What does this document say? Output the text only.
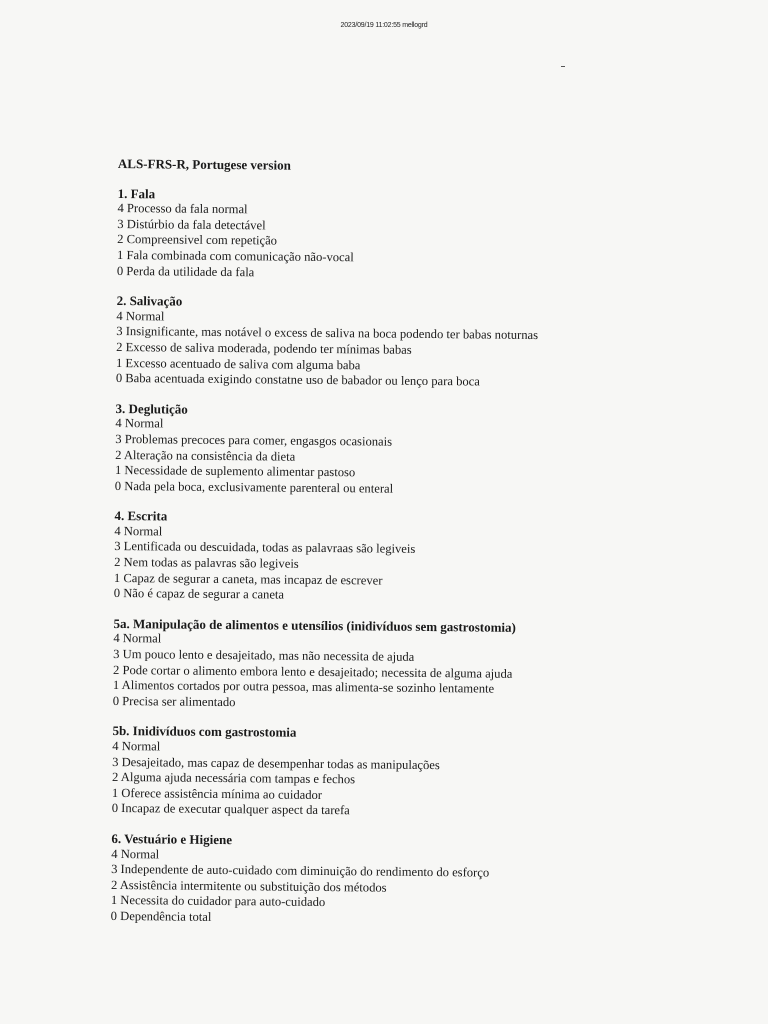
2023/09/19 11:02:55 mellogrd
ALS-FRS-R, Portugese version
1. Fala
4 Processo da fala normal
3 Distúrbio da fala detectável
2 Compreensivel com repetição
1 Fala combinada com comunicação não-vocal
0 Perda da utilidade da fala
2. Salivação
4 Normal
3 Insignificante, mas notável o excess de saliva na boca podendo ter babas noturnas
2 Excesso de saliva moderada, podendo ter mínimas babas
1 Excesso acentuado de saliva com alguma baba
0 Baba acentuada exigindo constatne uso de babador ou lenço para boca
3. Deglutição
4 Normal
3 Problemas precoces para comer, engasgos ocasionais
2 Alteração na consistência da dieta
1 Necessidade de suplemento alimentar pastoso
0 Nada pela boca, exclusivamente parenteral ou enteral
4. Escrita
4 Normal
3 Lentificada ou descuidada, todas as palavraas são legiveis
2 Nem todas as palavras são legiveis
1 Capaz de segurar a caneta, mas incapaz de escrever
0 Não é capaz de segurar a caneta
5a. Manipulação de alimentos e utensílios (inidivíduos sem gastrostomia)
4 Normal
3 Um pouco lento e desajeitado, mas não necessita de ajuda
2 Pode cortar o alimento embora lento e desajeitado; necessita de alguma ajuda
1 Alimentos cortados por outra pessoa, mas alimenta-se sozinho lentamente
0 Precisa ser alimentado
5b. Inidivíduos com gastrostomia
4 Normal
3 Desajeitado, mas capaz de desempenhar todas as manipulações
2 Alguma ajuda necessária com tampas e fechos
1 Oferece assistência mínima ao cuidador
0 Incapaz de executar qualquer aspect da tarefa
6. Vestuário e Higiene
4 Normal
3 Independente de auto-cuidado com diminuição do rendimento do esforço
2 Assistência intermitente ou substituição dos métodos
1 Necessita do cuidador para auto-cuidado
0 Dependência total
